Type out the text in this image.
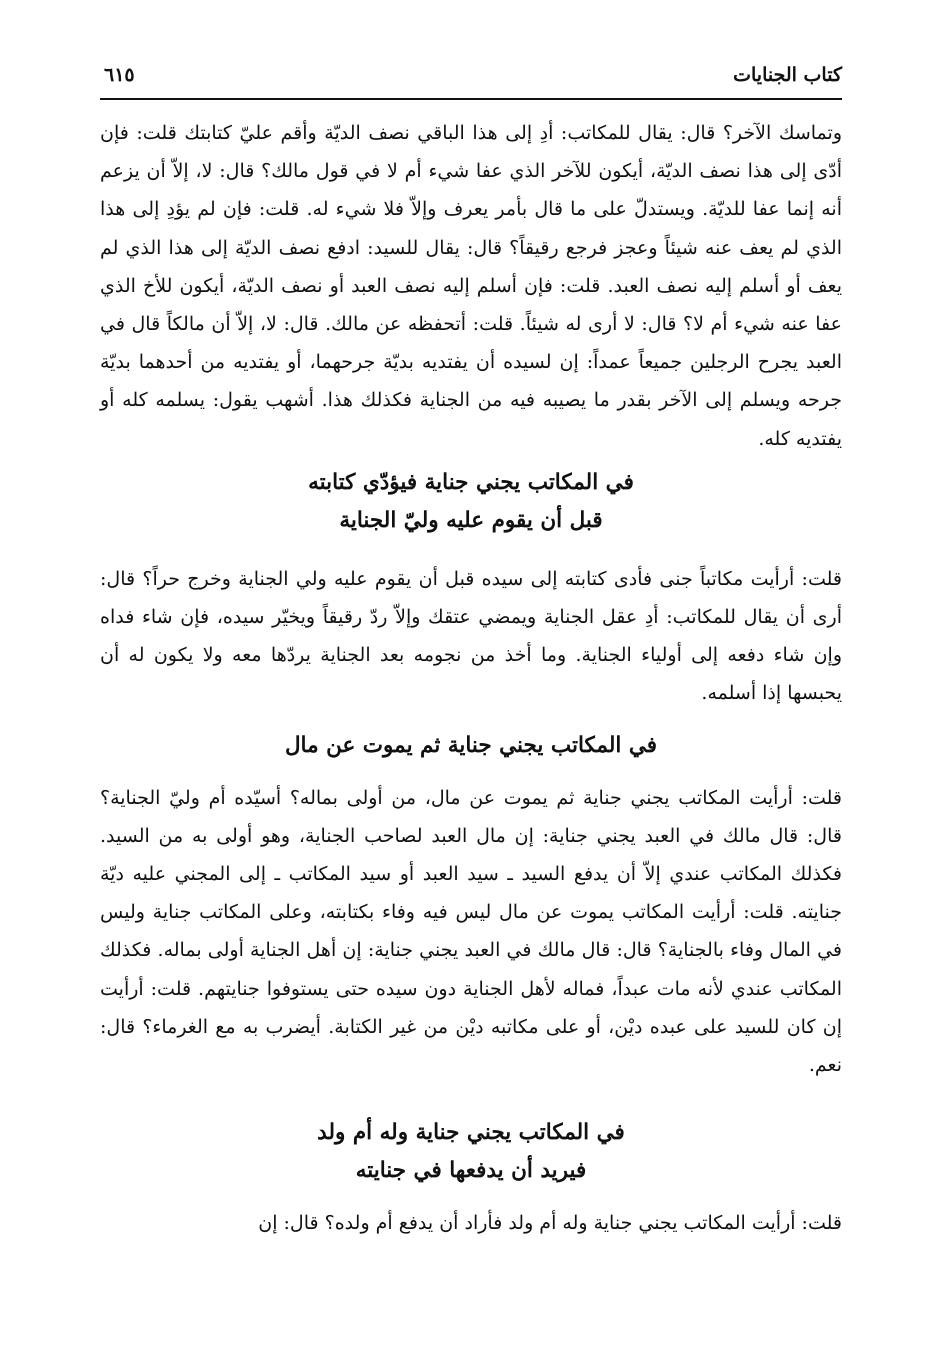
كتاب الجنايات
٦١٥

وتماسك الآخر؟ قال: يقال للمكاتب: أدِ إلى هذا الباقي نصف الديّة وأقم عليّ كتابتك قلت: فإن أدّى إلى هذا نصف الديّة، أيكون للآخر الذي عفا شيء أم لا في قول مالك؟ قال: لا، إلاّ أن يزعم أنه إنما عفا للديّة. ويستدلّ على ما قال بأمر يعرف وإلاّ فلا شيء له. قلت: فإن لم يؤدِ إلى هذا الذي لم يعف عنه شيئاً وعجز فرجع رقيقاً؟ قال: يقال للسيد: ادفع نصف الديّة إلى هذا الذي لم يعف أو أسلم إليه نصف العبد. قلت: فإن أسلم إليه نصف العبد أو نصف الديّة، أيكون للأخ الذي عفا عنه شيء أم لا؟ قال: لا أرى له شيئاً. قلت: أتحفظه عن مالك. قال: لا، إلاّ أن مالكاً قال في العبد يجرح الرجلين جميعاً عمداً: إن لسيده أن يفتديه بديّة جرحهما، أو يفتديه من أحدهما بديّة جرحه ويسلم إلى الآخر بقدر ما يصيبه فيه من الجناية فكذلك هذا. أشهب يقول: يسلمه كله أو يفتديه كله.

في المكاتب يجني جناية فيؤدّي كتابته

قبل أن يقوم عليه وليّ الجناية

قلت: أرأيت مكاتباً جنى فأدى كتابته إلى سيده قبل أن يقوم عليه ولي الجناية وخرج حراً؟ قال: أرى أن يقال للمكاتب: أدِ عقل الجناية ويمضي عتقك وإلاّ ردّ رقيقاً ويخيّر سيده، فإن شاء فداه وإن شاء دفعه إلى أولياء الجناية. وما أخذ من نجومه بعد الجناية يردّها معه ولا يكون له أن يحبسها إذا أسلمه.

في المكاتب يجني جناية ثم يموت عن مال

قلت: أرأيت المكاتب يجني جناية ثم يموت عن مال، من أولى بماله؟ أسيّده أم وليّ الجناية؟ قال: قال مالك في العبد يجني جناية: إن مال العبد لصاحب الجناية، وهو أولى به من السيد. فكذلك المكاتب عندي إلاّ أن يدفع السيد ـ سيد العبد أو سيد المكاتب ـ إلى المجني عليه ديّة جنايته. قلت: أرأيت المكاتب يموت عن مال ليس فيه وفاء بكتابته، وعلى المكاتب جناية وليس في المال وفاء بالجناية؟ قال: قال مالك في العبد يجني جناية: إن أهل الجناية أولى بماله. فكذلك المكاتب عندي لأنه مات عبداً، فماله لأهل الجناية دون سيده حتى يستوفوا جنايتهم. قلت: أرأيت إن كان للسيد على عبده ديْن، أو على مكاتبه ديْن من غير الكتابة. أيضرب به مع الغرماء؟ قال: نعم.

في المكاتب يجني جناية وله أم ولد

فيريد أن يدفعها في جنايته

قلت: أرأيت المكاتب يجني جناية وله أم ولد فأراد أن يدفع أم ولده؟ قال: إن
